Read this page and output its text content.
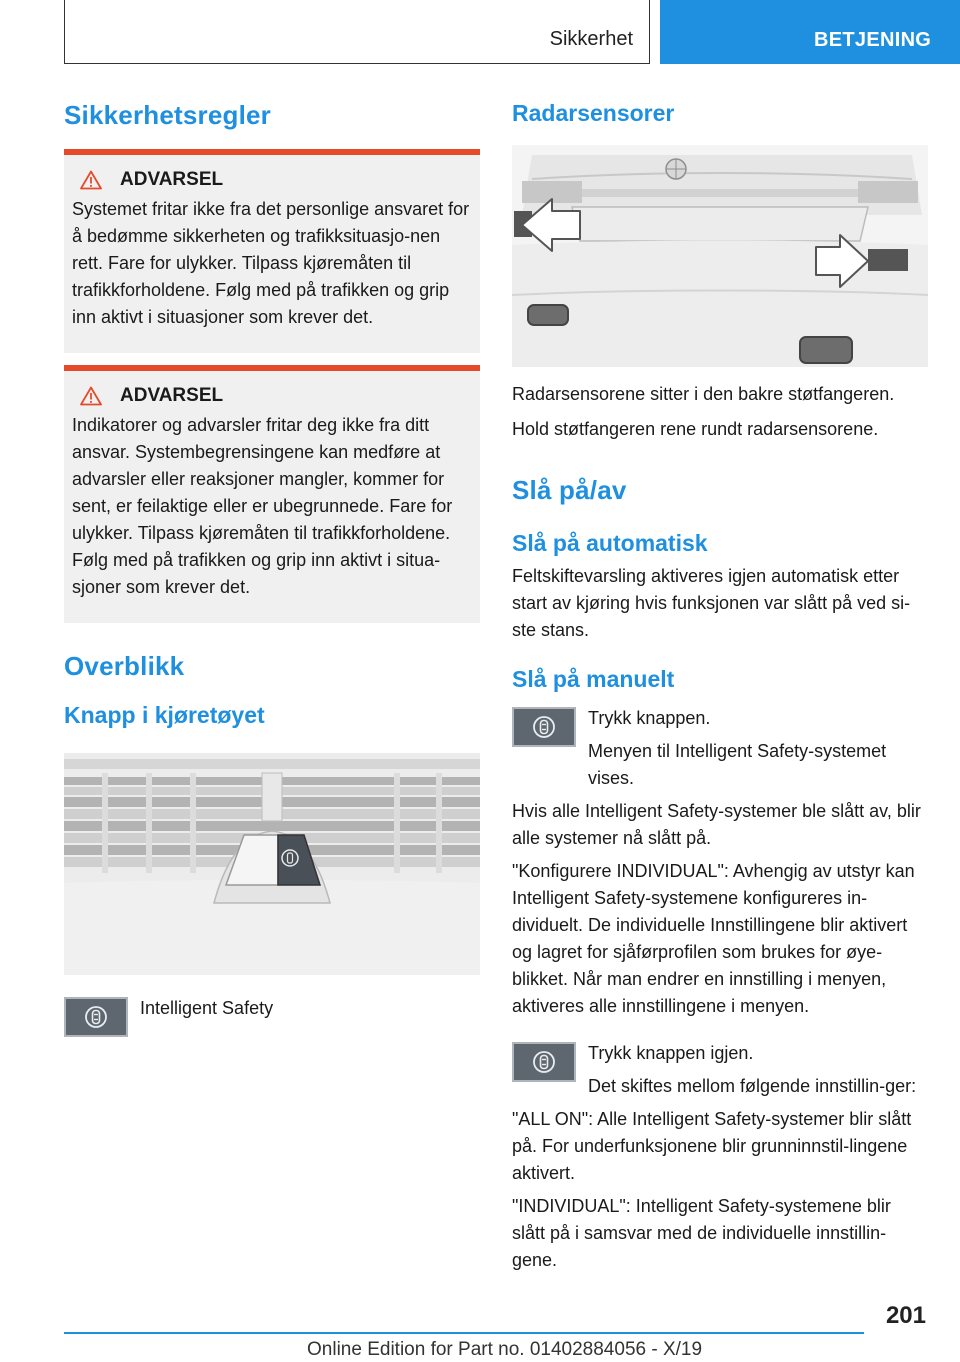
Sikkerhet	BETJENING
Sikkerhetsregler
ADVARSEL
Systemet fritar ikke fra det personlige ansvaret for å bedømme sikkerheten og trafikksituasjo-nen rett. Fare for ulykker. Tilpass kjøremåten til trafikkforholdene. Følg med på trafikken og grip inn aktivt i situasjoner som krever det.
ADVARSEL
Indikatorer og advarsler fritar deg ikke fra ditt ansvar. Systembegrensingene kan medføre at advarsler eller reaksjoner mangler, kommer for sent, er feilaktige eller er ubegrunnede. Fare for ulykker. Tilpass kjøremåten til trafikkforholdene. Følg med på trafikken og grip inn aktivt i situa-sjoner som krever det.
Overblikk
Knapp i kjøretøyet

Intelligent Safety

Radarsensorer

Radarsensorene sitter i den bakre støtfangeren.

Hold støtfangeren rene rundt radarsensorene.

Slå på/av
Slå på automatisk

Feltskiftevarsling aktiveres igjen automatisk etter start av kjøring hvis funksjonen var slått på ved si-ste stans.

Slå på manuelt

Trykk knappen.

Menyen til Intelligent Safety-systemet vises.

Hvis alle Intelligent Safety-systemer ble slått av, blir alle systemer nå slått på.

"Konfigurere INDIVIDUAL": Avhengig av utstyr kan Intelligent Safety-systemene konfigureres in-dividuelt. De individuelle Innstillingene blir aktivert og lagret for sjåførprofilen som brukes for øye-blikket. Når man endrer en innstilling i menyen, aktiveres alle innstillingene i menyen.

Trykk knappen igjen.

Det skiftes mellom følgende innstillin-ger:

"ALL ON": Alle Intelligent Safety-systemer blir slått på. For underfunksjonene blir grunninnstil-lingene aktivert.

"INDIVIDUAL": Intelligent Safety-systemene blir slått på i samsvar med de individuelle innstillin-gene.

201
Online Edition for Part no. 01402884056 - X/19
